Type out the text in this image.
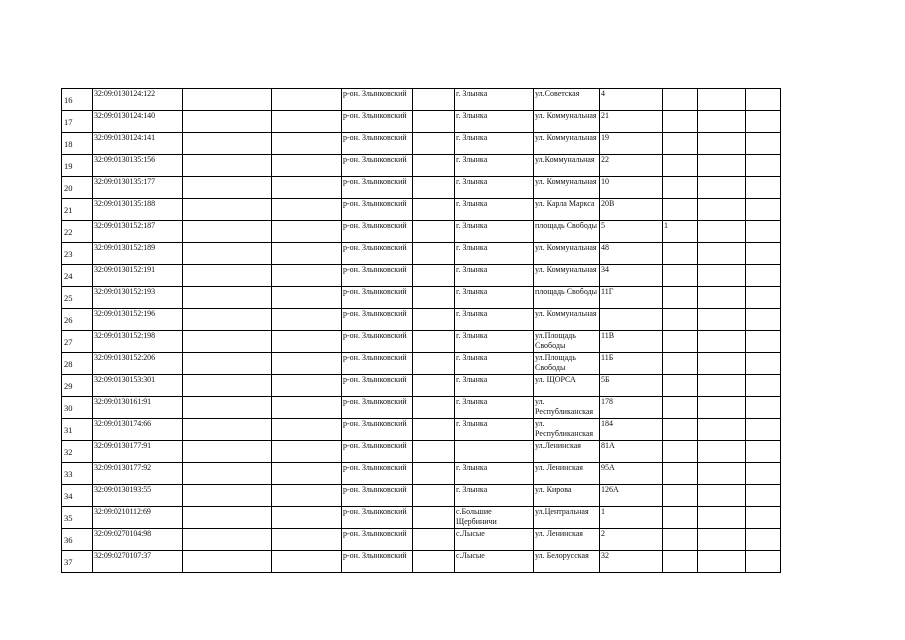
16	32:09:0130124:122			р-он. Злынковский		г. Злынка	ул.Советская	4			
17	32:09:0130124:140			р-он. Злынковский		г. Злынка	ул. Коммунальная	21			
18	32:09:0130124:141			р-он. Злынковский		г. Злынка	ул. Коммунальная	19			
19	32:09:0130135:156			р-он. Злынковский		г. Злынка	ул.Коммунальная	22			
20	32:09:0130135:177			р-он. Злынковский		г. Злынка	ул. Коммунальная	10			
21	32:09:0130135:188			р-он. Злынковский		г. Злынка	ул. Карла Маркса	20В			
22	32:09:0130152:187			р-он. Злынковский		г. Злынка	площадь Свободы	5	1		
23	32:09:0130152:189			р-он. Злынковский		г. Злынка	ул. Коммунальная	48			
24	32:09:0130152:191			р-он. Злынковский		г. Злынка	ул. Коммунальная	34			
25	32:09:0130152:193			р-он. Злынковский		г. Злынка	площадь Свободы	11Г			
26	32:09:0130152:196			р-он. Злынковский		г. Злынка	ул. Коммунальная				
27	32:09:0130152:198			р-он. Злынковский		г. Злынка	ул.Площадь Свободы	11В			
28	32:09:0130152:206			р-он. Злынковский		г. Злынка	ул.Площадь Свободы	11Б			
29	32:09:0130153:301			р-он. Злынковский		г. Злынка	ул. ЩОРСА	5Б			
30	32:09:0130161:91			р-он. Злынковский		г. Злынка	ул. Республиканская	178			
31	32:09:0130174:66			р-он. Злынковский		г. Злынка	ул. Республиканская	184			
32	32:09:0130177:91			р-он. Злынковский			ул.Ленинская	81А			
33	32:09:0130177:92			р-он. Злынковский		г. Злынка	ул. Ленинская	95А			
34	32:09:0130193:55			р-он. Злынковский		г. Злынка	ул. Кирова	126А			
35	32:09:0210112:69			р-он. Злынковский		с.Большие Щербиничи	ул.Центральная	1			
36	32:09:0270104:98			р-он. Злынковский		с.Лысые	ул. Ленинская	2			
37	32:09:0270107:37			р-он. Злынковский		с.Лысые	ул. Белорусская	32			
